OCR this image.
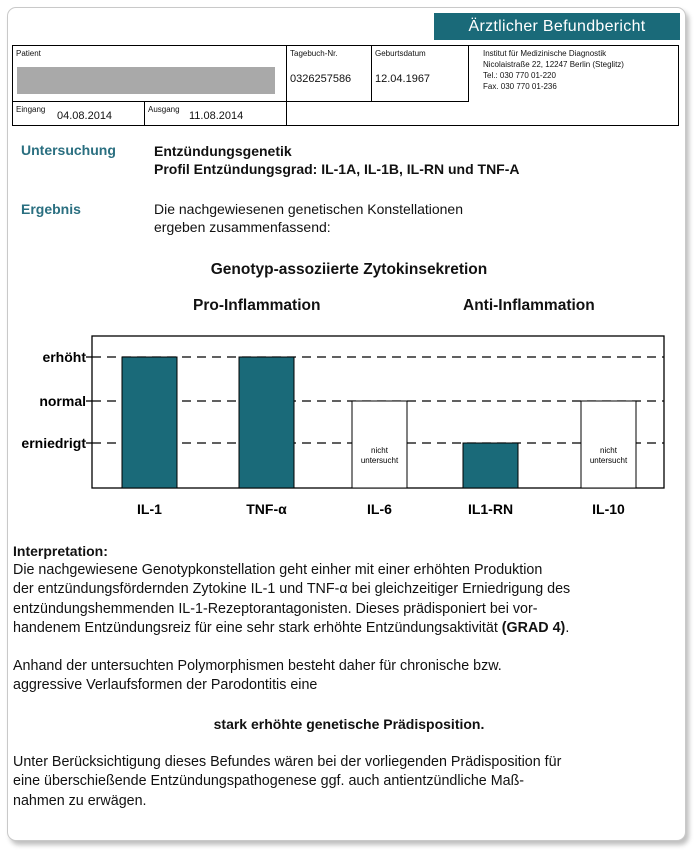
Ärztlicher Befundbericht
Patient	Tagebuch-Nr.
0326257586
Geburtsdatum
12.04.1967
Institut für Medizinische Diagnostik
Nicolaistraße 22, 12247 Berlin (Steglitz)
Tel.: 030 770 01-220
Fax. 030 770 01-236
Eingang
04.08.2014
Ausgang
11.08.2014
Untersuchung	Entzündungsgenetik
Profil Entzündungsgrad: IL-1A, IL-1B, IL-RN und TNF-A
Ergebnis	Die nachgewiesenen genetischen Konstellationen
ergeben zusammenfassend:
Genotyp-assoziierte Zytokinsekretion
Pro-Inflammation	Anti-Inflammation
erniedrigt
normal
erhöht
IL-1	TNF-α
nicht
untersucht
IL-6	IL1-RN
nicht
untersucht
IL-10
Interpretation:
Die nachgewiesene Genotypkonstellation geht einher mit einer erhöhten Produktion
der entzündungsfördernden Zytokine IL-1 und TNF-α bei gleichzeitiger Erniedrigung des
entzündungshemmenden IL-1-Rezeptorantagonisten. Dieses prädisponiert bei vor-
handenem Entzündungsreiz für eine sehr stark erhöhte Entzündungsaktivität (GRAD 4).
Anhand der untersuchten Polymorphismen besteht daher für chronische bzw.
aggressive Verlaufsformen der Parodontitis eine
stark erhöhte genetische Prädisposition.
Unter Berücksichtigung dieses Befundes wären bei der vorliegenden Prädisposition für
eine überschießende Entzündungspathogenese ggf. auch antientzündliche Maß-
nahmen zu erwägen.
